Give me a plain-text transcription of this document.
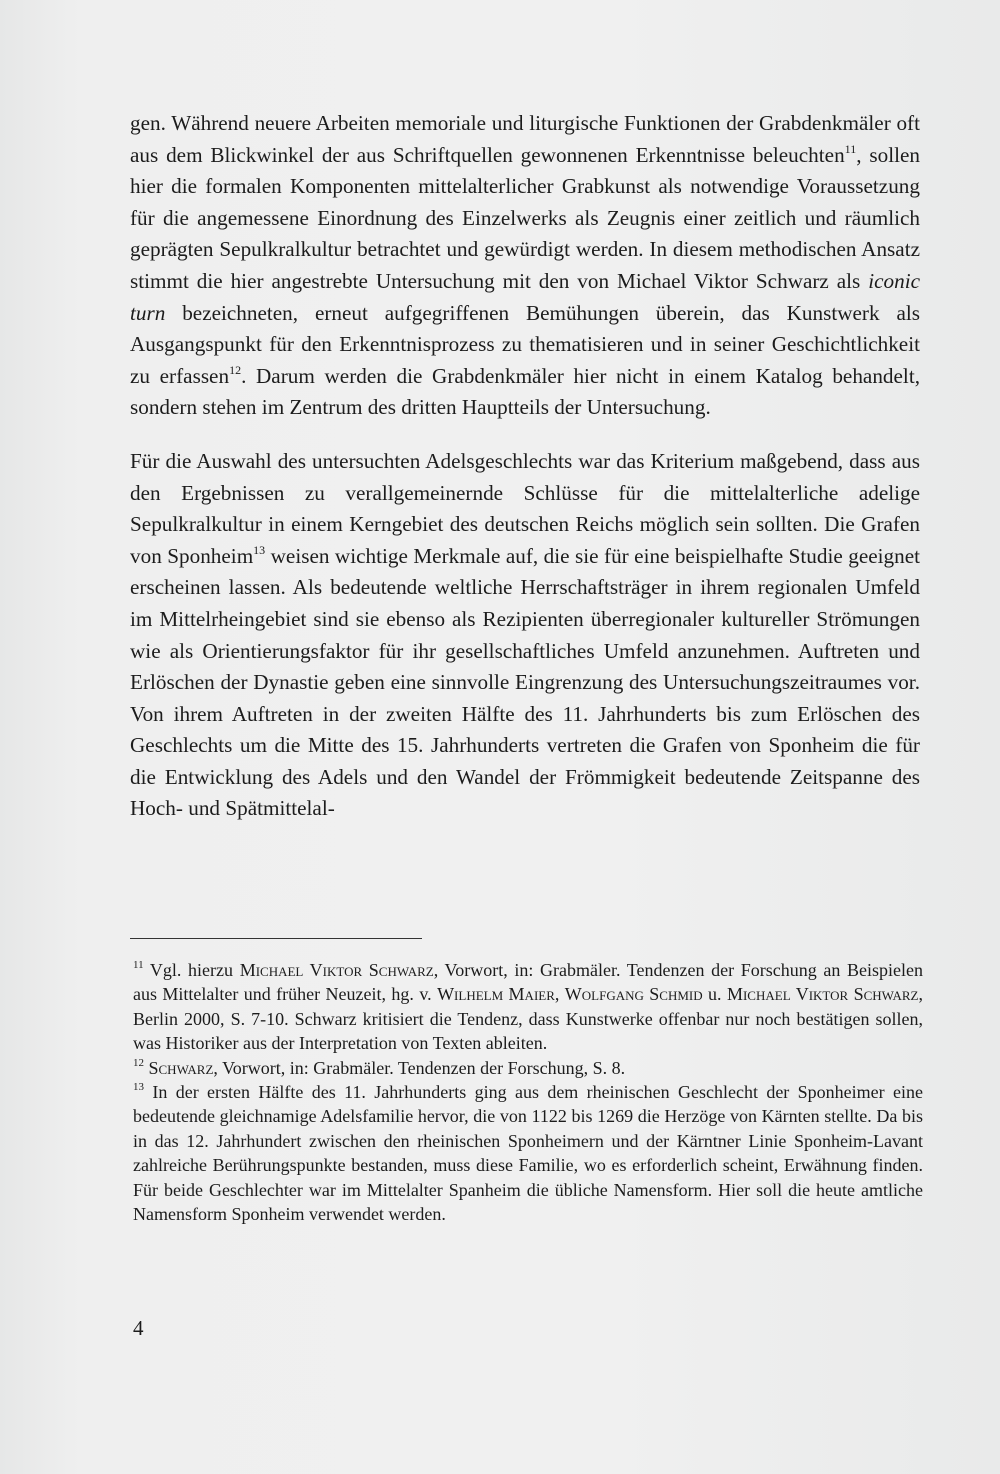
gen. Während neuere Arbeiten memoriale und liturgische Funktionen der Grabdenkmäler oft aus dem Blickwinkel der aus Schriftquellen gewonnenen Erkenntnisse beleuchten$^{11}$, sollen hier die formalen Komponenten mittelalterlicher Grabkunst als notwendige Voraussetzung für die angemessene Einordnung des Einzelwerks als Zeugnis einer zeitlich und räumlich geprägten Sepulkralkultur betrachtet und gewürdigt werden. In diesem methodischen Ansatz stimmt die hier angestrebte Untersuchung mit den von Michael Viktor Schwarz als iconic turn bezeichneten, erneut aufgegriffenen Bemühungen überein, das Kunstwerk als Ausgangspunkt für den Erkenntnisprozess zu thematisieren und in seiner Geschichtlichkeit zu erfassen$^{12}$. Darum werden die Grabdenkmäler hier nicht in einem Katalog behandelt, sondern stehen im Zentrum des dritten Hauptteils der Untersuchung.

Für die Auswahl des untersuchten Adelsgeschlechts war das Kriterium maßgebend, dass aus den Ergebnissen zu verallgemeinernde Schlüsse für die mittelalterliche adelige Sepulkralkultur in einem Kerngebiet des deutschen Reichs möglich sein sollten. Die Grafen von Sponheim$^{13}$ weisen wichtige Merkmale auf, die sie für eine beispielhafte Studie geeignet erscheinen lassen. Als bedeutende weltliche Herrschaftsträger in ihrem regionalen Umfeld im Mittelrheingebiet sind sie ebenso als Rezipienten überregionaler kultureller Strömungen wie als Orientierungsfaktor für ihr gesellschaftliches Umfeld anzunehmen. Auftreten und Erlöschen der Dynastie geben eine sinnvolle Eingrenzung des Untersuchungszeitraumes vor. Von ihrem Auftreten in der zweiten Hälfte des 11. Jahrhunderts bis zum Erlöschen des Geschlechts um die Mitte des 15. Jahrhunderts vertreten die Grafen von Sponheim die für die Entwicklung des Adels und den Wandel der Frömmigkeit bedeutende Zeitspanne des Hoch- und Spätmittelal-

$^{11}$ Vgl. hierzu Michael Viktor Schwarz, Vorwort, in: Grabmäler. Tendenzen der Forschung an Beispielen aus Mittelalter und früher Neuzeit, hg. v. Wilhelm Maier, Wolfgang Schmid u. Michael Viktor Schwarz, Berlin 2000, S. 7-10. Schwarz kritisiert die Tendenz, dass Kunstwerke offenbar nur noch bestätigen sollen, was Historiker aus der Interpretation von Texten ableiten.

$^{12}$ Schwarz, Vorwort, in: Grabmäler. Tendenzen der Forschung, S. 8.

$^{13}$ In der ersten Hälfte des 11. Jahrhunderts ging aus dem rheinischen Geschlecht der Sponheimer eine bedeutende gleichnamige Adelsfamilie hervor, die von 1122 bis 1269 die Herzöge von Kärnten stellte. Da bis in das 12. Jahrhundert zwischen den rheinischen Sponheimern und der Kärntner Linie Sponheim-Lavant zahlreiche Berührungspunkte bestanden, muss diese Familie, wo es erforderlich scheint, Erwähnung finden. Für beide Geschlechter war im Mittelalter Spanheim die übliche Namensform. Hier soll die heute amtliche Namensform Sponheim verwendet werden.

4
